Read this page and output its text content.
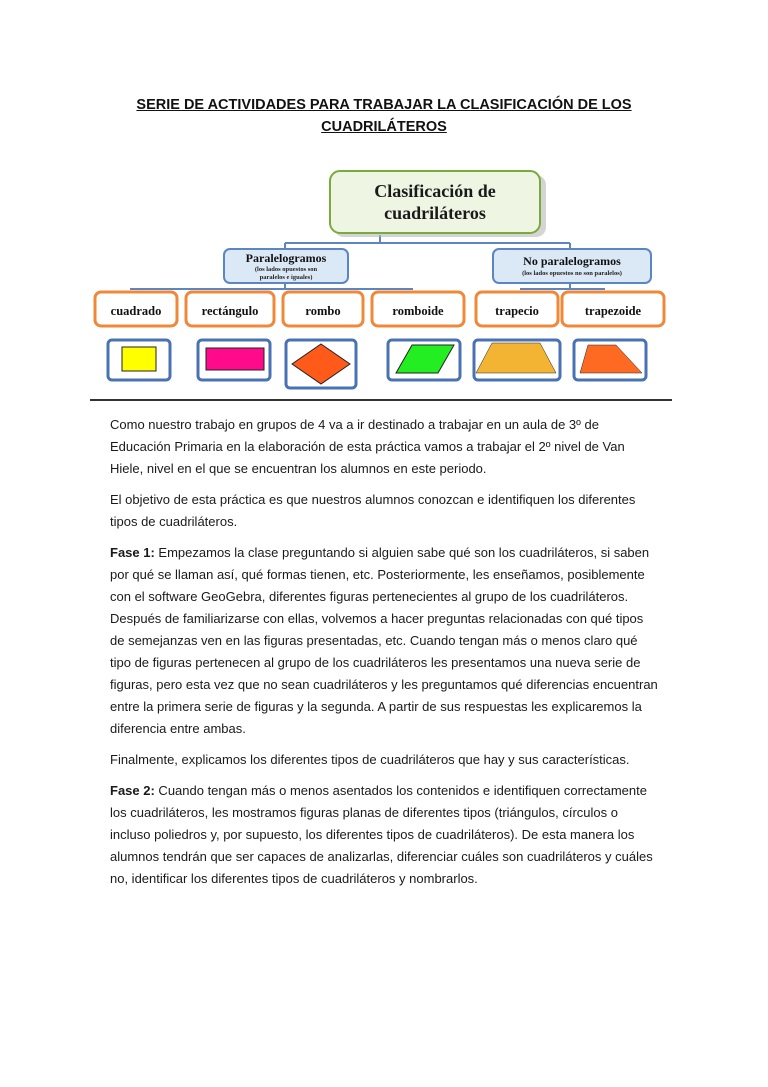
SERIE DE ACTIVIDADES PARA TRABAJAR LA CLASIFICACIÓN DE LOS
CUADRILÁTEROS
Clasificación de
cuadriláteros
Paralelogramos
(los lados opuestos son
paralelos e iguales)
No paralelogramos
(los lados opuestos no son paralelos)
cuadrado	rectángulo	rombo	romboide	trapecio	trapezoide

Como nuestro trabajo en grupos de 4 va a ir destinado a trabajar en un aula de 3º de Educación Primaria en la elaboración de esta práctica vamos a trabajar el 2º nivel de Van Hiele, nivel en el que se encuentran los alumnos en este periodo.

El objetivo de esta práctica es que nuestros alumnos conozcan e identifiquen los diferentes tipos de cuadriláteros.

Fase 1: Empezamos la clase preguntando si alguien sabe qué son los cuadriláteros, si saben por qué se llaman así, qué formas tienen, etc. Posteriormente, les enseñamos, posiblemente con el software GeoGebra, diferentes figuras pertenecientes al grupo de los cuadriláteros. Después de familiarizarse con ellas, volvemos a hacer preguntas relacionadas con qué tipos de semejanzas ven en las figuras presentadas, etc. Cuando tengan más o menos claro qué tipo de figuras pertenecen al grupo de los cuadriláteros les presentamos una nueva serie de figuras, pero esta vez que no sean cuadriláteros y les preguntamos qué diferencias encuentran entre la primera serie de figuras y la segunda. A partir de sus respuestas les explicaremos la diferencia entre ambas.

Finalmente, explicamos los diferentes tipos de cuadriláteros que hay y sus características.

Fase 2: Cuando tengan más o menos asentados los contenidos e identifiquen correctamente los cuadriláteros, les mostramos figuras planas de diferentes tipos (triángulos, círculos o incluso poliedros y, por supuesto, los diferentes tipos de cuadriláteros). De esta manera los alumnos tendrán que ser capaces de analizarlas, diferenciar cuáles son cuadriláteros y cuáles no, identificar los diferentes tipos de cuadriláteros y nombrarlos.
